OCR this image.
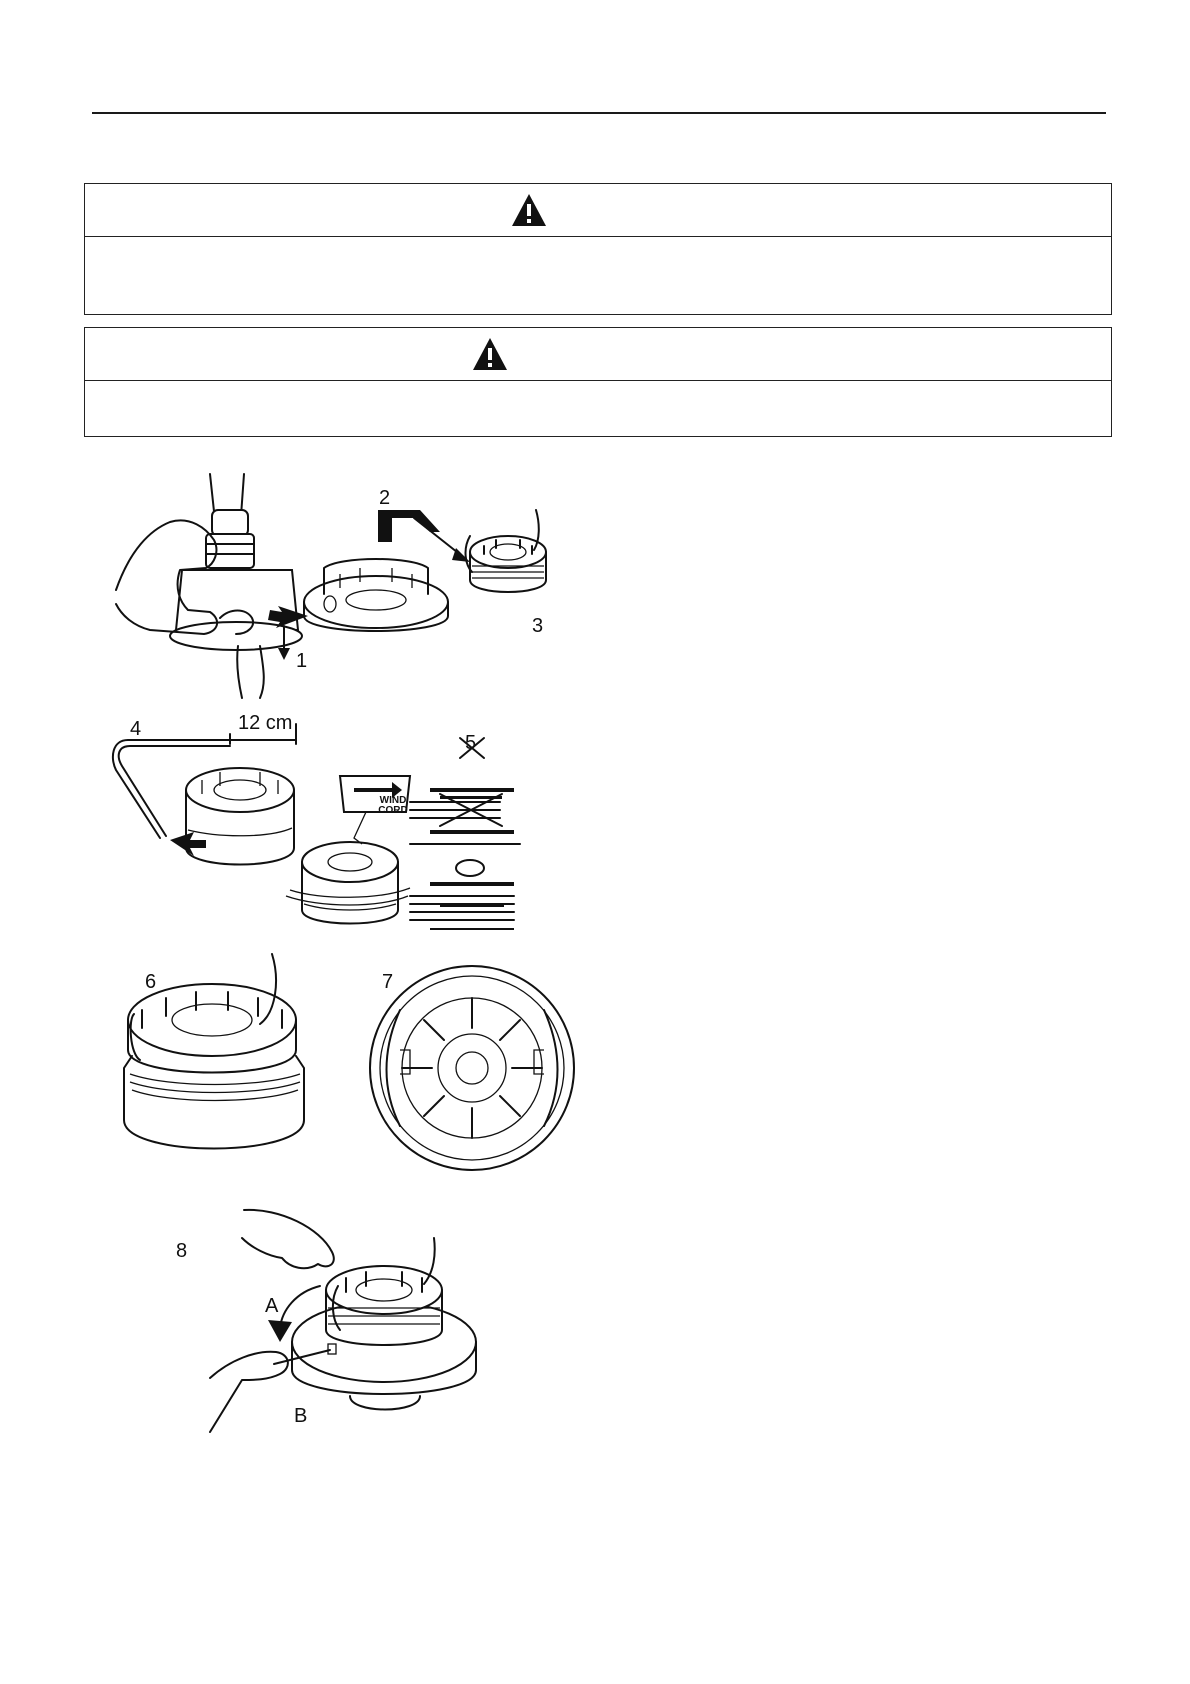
1
2
3
4	12 cm
5
WIND
CORD
6	7
8
A
B
